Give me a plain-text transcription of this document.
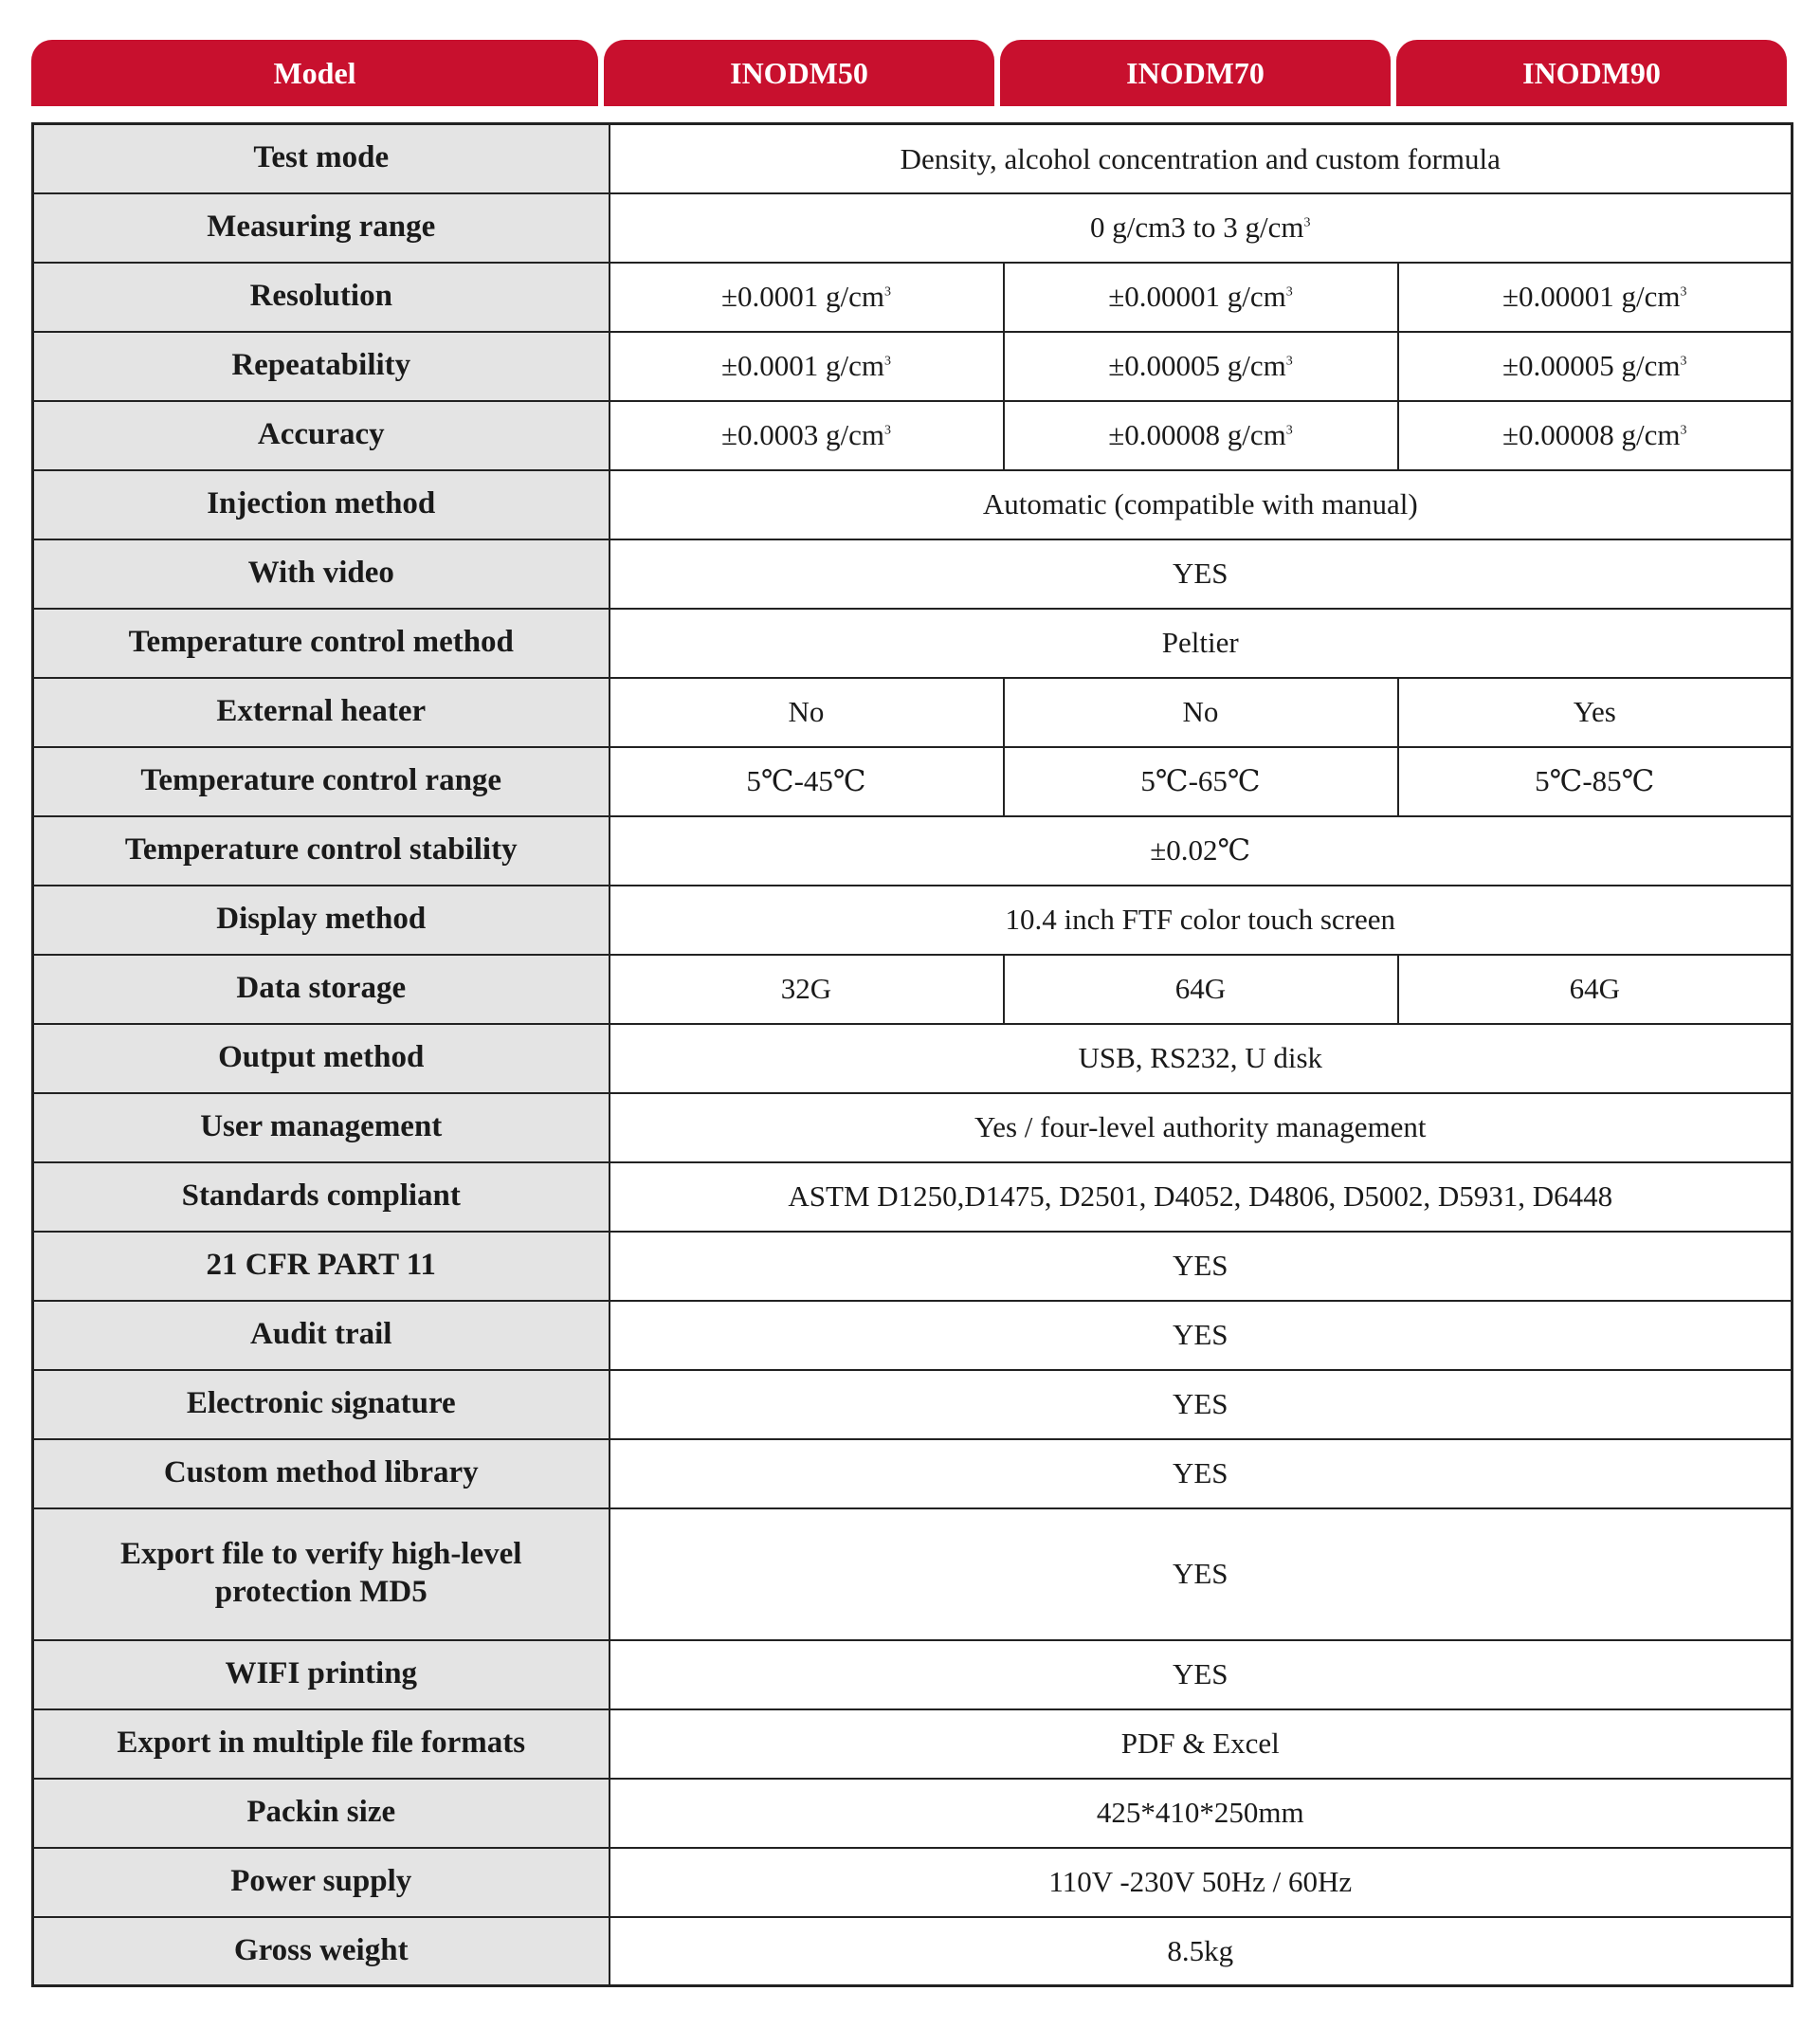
Model	INODM50	INODM70	INODM90
Test mode	Density, alcohol concentration and custom formula		
Measuring range	0 g/cm3 to 3 $g/cm^3$
Resolution	±0.0001 $g/cm^3$	±0.00001 $g/cm^3$	±0.00001 $g/cm^3$
Repeatability	±0.0001 $g/cm^3$	±0.00005 $g/cm^3$	±0.00005 $g/cm^3$
Accuracy	±0.0003 $g/cm^3$	±0.00008 $g/cm^3$	±0.00008 $g/cm^3$
Injection method	Automatic (compatible with manual)		
With video	YES		
Temperature control method	Peltier		
External heater	No	No	Yes
Temperature control range	5℃-45℃	5℃-65℃	5℃-85℃
Temperature control stability	±0.02℃		
Display method	10.4 inch FTF color touch screen		
Data storage	32G	64G	64G
Output method	USB, RS232, U disk		
User management	Yes / four-level authority management		
Standards compliant	ASTM D1250,D1475, D2501, D4052, D4806, D5002, D5931, D6448		
21 CFR PART 11	YES		
Audit trail	YES		
Electronic signature	YES		
Custom method library	YES		

Export file to verify high-level
protection MD5	YES		
WIFI printing	YES		
Export in multiple file formats	PDF & Excel		
Packin size	425*410*250mm		
Power supply	110V -230V 50Hz / 60Hz		
Gross weight	8.5kg		
